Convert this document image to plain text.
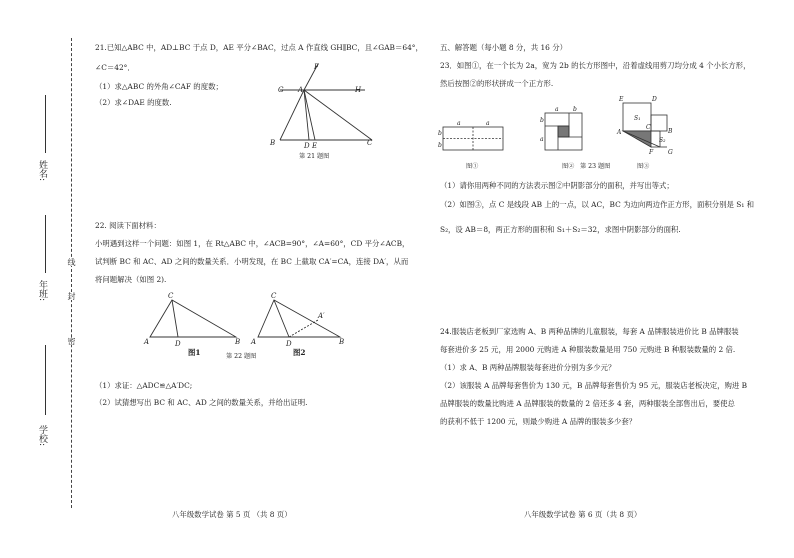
线
封
密
姓名:
年班:
学校:
21.已知△ABC 中，AD⊥BC 于点 D，AE 平分∠BAC，过点 A 作直线 GH∥BC，且∠GAB＝64°，
∠C＝42°．
（1）求△ABC 的外角∠CAF 的度数；
（2）求∠DAE 的度数.
F
G A	H
B	D E	C
第 21 题图
22. 阅读下面材料：
小明遇到这样一个问题：如图 1，在 Rt△ABC 中，∠ACB=90°，∠A=60°，CD 平分∠ACB，
试判断 BC 和 AC、AD 之间的数量关系．小明发现，在 BC 上截取 CA′=CA，连接 DA′，从而
将问题解决（如图 2).
C
A	D	B
C
A′
A	D	B
图1	第 22 题图	图2
（1）求证：△ADC≌△A′DC;
（2）试猜想写出 BC 和 AC、AD 之间的数量关系，并给出证明.
八年级数学试卷 第 5 页 （共 8 页）
五、解答题（每小题 8 分，共 16 分）
23．如图①，在一个长为 2a，宽为 2b 的长方形图中，沿着虚线用剪刀均分成 4 个小长方形，
然后按图②的形状拼成一个正方形.
a	a
b
b
a b
b
a
E	D
S₁
A
C
S₂
B
F G
图①	图② 第 23 题图	图③
（1）请你用两种不同的方法表示图②中阴影部分的面积，并写出等式；
（2）如图③，点 C 是线段 AB 上的一点，以 AC，BC 为边向两边作正方形，面积分别是 S₁ 和
S₂，设 AB＝8，两正方形的面积和 S₁＋S₂＝32，求图中阴影部分的面积.
24.服装店老板到厂家选购 A、B 两种品牌的儿童服装，每套 A 品牌服装进价比 B 品牌服装
每套进价多 25 元，用 2000 元购进 A 种服装数量是用 750 元购进 B 种服装数量的 2 倍.
（1）求 A、B 两种品牌服装每套进价分别为多少元？
（2）该服装 A 品牌每套售价为 130 元，B 品牌每套售价为 95 元，服装店老板决定，购进 B
品牌服装的数量比购进 A 品牌服装的数量的 2 倍还多 4 套，两种服装全部售出后，要使总
的获利不低于 1200 元，则最少购进 A 品牌的服装多少套？
八年级数学试卷 第 6 页（共 8 页）
